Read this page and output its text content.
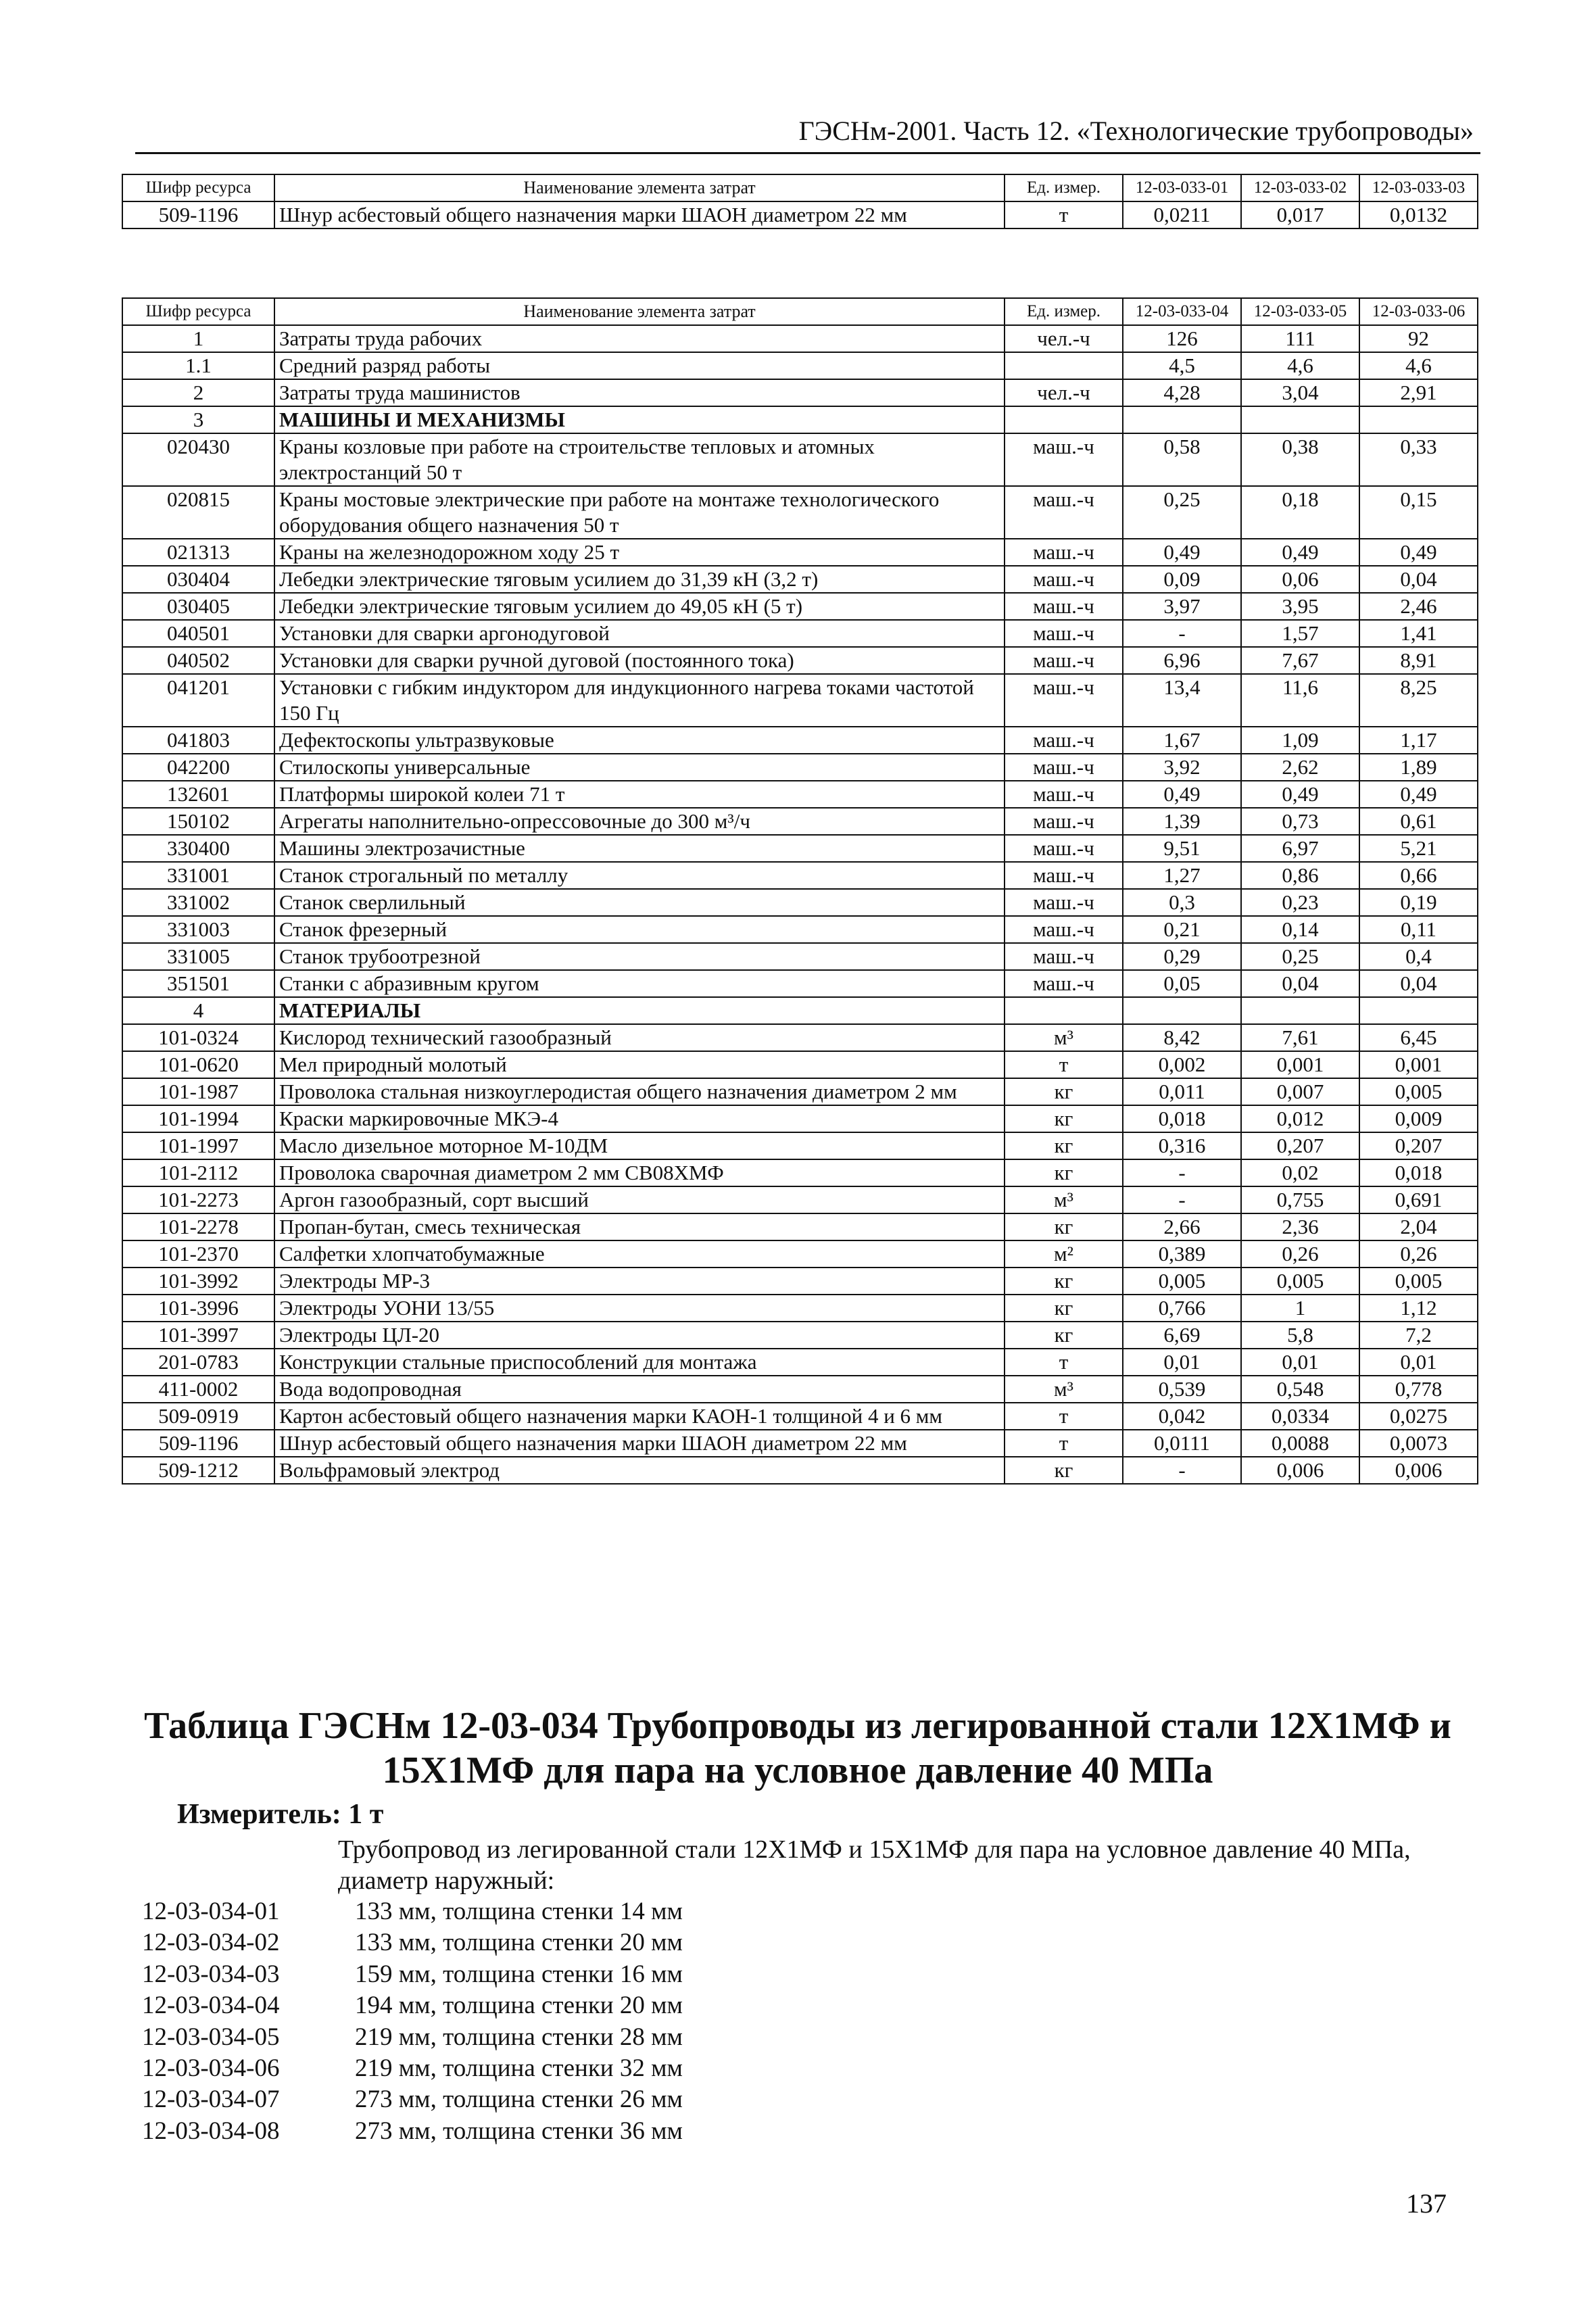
ГЭСНм-2001. Часть 12. «Технологические трубопроводы»
Шифр ресурса	Наименование элемента затрат	Ед. измер.	12-03-033-01	12-03-033-02	12-03-033-03
509-1196	Шнур асбестовый общего назначения марки ШАОН диаметром 22 мм	т	0,0211	0,017	0,0132
Шифр ресурса	Наименование элемента затрат	Ед. измер.	12-03-033-04	12-03-033-05	12-03-033-06
1	Затраты труда рабочих	чел.-ч	126	111	92
1.1	Средний разряд работы		4,5	4,6	4,6
2	Затраты труда машинистов	чел.-ч	4,28	3,04	2,91
3	МАШИНЫ И МЕХАНИЗМЫ				
020430	Краны козловые при работе на строительстве тепловых и атомных электростанций 50 т	маш.-ч	0,58	0,38	0,33
020815	Краны мостовые электрические при работе на монтаже технологического оборудования общего назначения 50 т	маш.-ч	0,25	0,18	0,15
021313	Краны на железнодорожном ходу 25 т	маш.-ч	0,49	0,49	0,49
030404	Лебедки электрические тяговым усилием до 31,39 кН (3,2 т)	маш.-ч	0,09	0,06	0,04
030405	Лебедки электрические тяговым усилием до 49,05 кН (5 т)	маш.-ч	3,97	3,95	2,46
040501	Установки для сварки аргонодуговой	маш.-ч	-	1,57	1,41
040502	Установки для сварки ручной дуговой (постоянного тока)	маш.-ч	6,96	7,67	8,91
041201	Установки с гибким индуктором для индукционного нагрева токами частотой 150 Гц	маш.-ч	13,4	11,6	8,25
041803	Дефектоскопы ультразвуковые	маш.-ч	1,67	1,09	1,17
042200	Стилоскопы универсальные	маш.-ч	3,92	2,62	1,89
132601	Платформы широкой колеи 71 т	маш.-ч	0,49	0,49	0,49
150102	Агрегаты наполнительно-опрессовочные до 300 м³/ч	маш.-ч	1,39	0,73	0,61
330400	Машины электрозачистные	маш.-ч	9,51	6,97	5,21
331001	Станок строгальный по металлу	маш.-ч	1,27	0,86	0,66
331002	Станок сверлильный	маш.-ч	0,3	0,23	0,19
331003	Станок фрезерный	маш.-ч	0,21	0,14	0,11
331005	Станок трубоотрезной	маш.-ч	0,29	0,25	0,4
351501	Станки с абразивным кругом	маш.-ч	0,05	0,04	0,04
4	МАТЕРИАЛЫ				
101-0324	Кислород технический газообразный	м³	8,42	7,61	6,45
101-0620	Мел природный молотый	т	0,002	0,001	0,001
101-1987	Проволока стальная низкоуглеродистая общего назначения диаметром 2 мм	кг	0,011	0,007	0,005
101-1994	Краски маркировочные МКЭ-4	кг	0,018	0,012	0,009
101-1997	Масло дизельное моторное М-10ДМ	кг	0,316	0,207	0,207
101-2112	Проволока сварочная диаметром 2 мм СВ08ХМФ	кг	-	0,02	0,018
101-2273	Аргон газообразный, сорт высший	м³	-	0,755	0,691
101-2278	Пропан-бутан, смесь техническая	кг	2,66	2,36	2,04
101-2370	Салфетки хлопчатобумажные	м²	0,389	0,26	0,26
101-3992	Электроды МР-3	кг	0,005	0,005	0,005
101-3996	Электроды УОНИ 13/55	кг	0,766	1	1,12
101-3997	Электроды ЦЛ-20	кг	6,69	5,8	7,2
201-0783	Конструкции стальные приспособлений для монтажа	т	0,01	0,01	0,01
411-0002	Вода водопроводная	м³	0,539	0,548	0,778
509-0919	Картон асбестовый общего назначения марки КАОН-1 толщиной 4 и 6 мм	т	0,042	0,0334	0,0275
509-1196	Шнур асбестовый общего назначения марки ШАОН диаметром 22 мм	т	0,0111	0,0088	0,0073
509-1212	Вольфрамовый электрод	кг	-	0,006	0,006
Таблица ГЭСНм 12-03-034 Трубопроводы из легированной стали 12Х1МФ и 15Х1МФ для пара на условное давление 40 МПа
Измеритель: 1 т
Трубопровод из легированной стали 12Х1МФ и 15Х1МФ для пара на условное давление 40 МПа, диаметр наружный:
12-03-034-01	133 мм, толщина стенки 14 мм
12-03-034-02	133 мм, толщина стенки 20 мм
12-03-034-03	159 мм, толщина стенки 16 мм
12-03-034-04	194 мм, толщина стенки 20 мм
12-03-034-05	219 мм, толщина стенки 28 мм
12-03-034-06	219 мм, толщина стенки 32 мм
12-03-034-07	273 мм, толщина стенки 26 мм
12-03-034-08	273 мм, толщина стенки 36 мм
137
